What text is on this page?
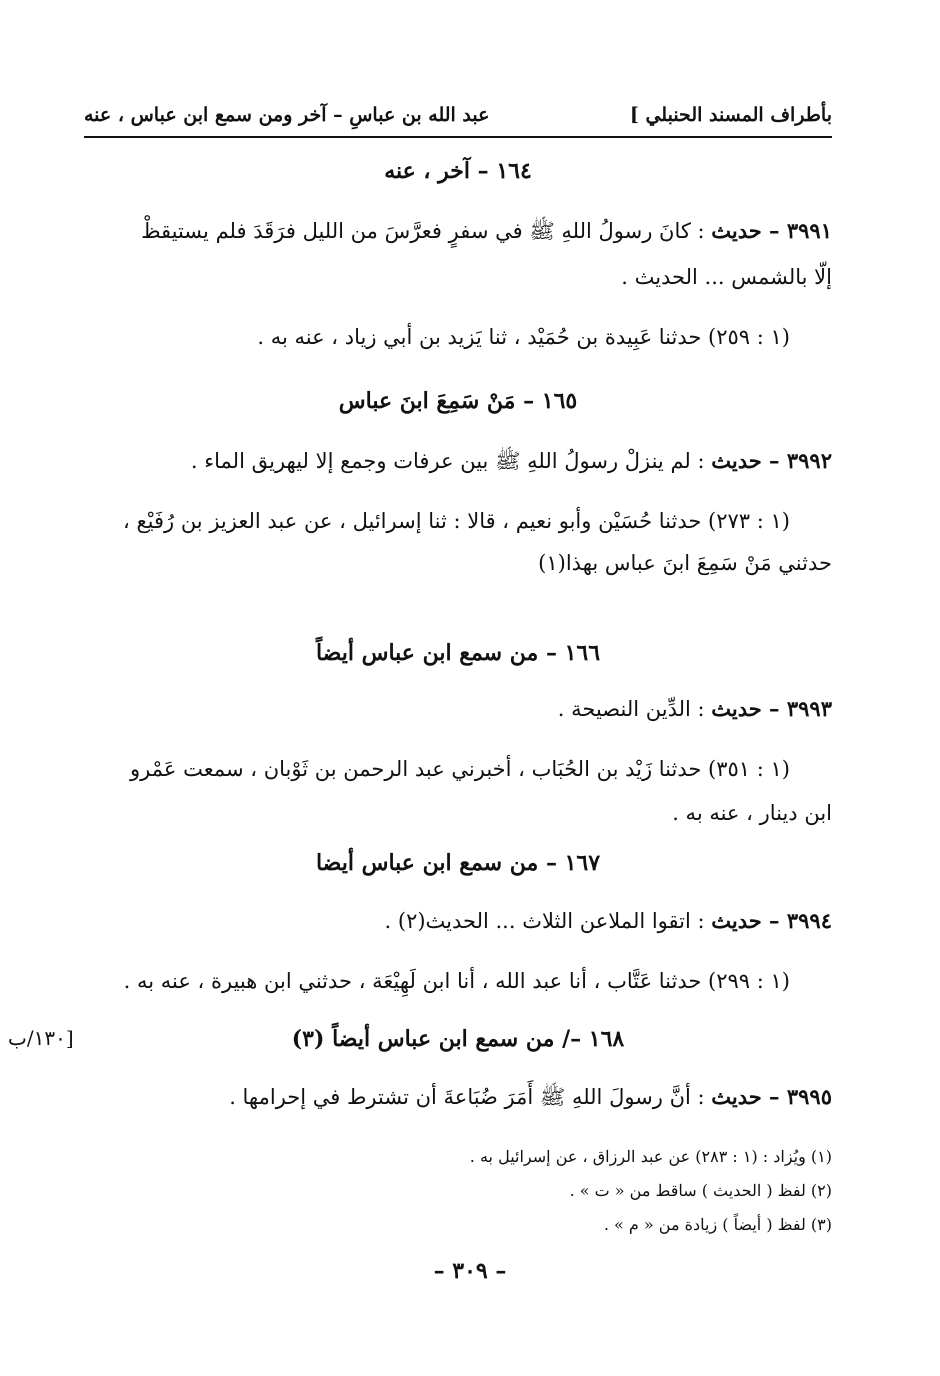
بأطراف المسند الحنبلي ]
عبد الله بن عباسِ – آخر ومن سمع ابن عباس ، عنه
١٦٤ – آخر ، عنه
٣٩٩١ – حديث : كانَ رسولُ اللهِ ﷺ في سفرٍ فعرَّسَ من الليل فرَقَدَ فلم يستيقظْ
إلّا بالشمس ... الحديث .
(١ : ٢٥٩) حدثنا عَبِيدة بن حُمَيْد ، ثنا يَزيد بن أبي زياد ، عنه به .
١٦٥ – مَنْ سَمِعَ ابنَ عباس
٣٩٩٢ – حديث : لم ينزلْ رسولُ اللهِ ﷺ بين عرفات وجمع إلا ليهريق الماء .
(١ : ٢٧٣) حدثنا حُسَيْن وأبو نعيم ، قالا : ثنا إسرائيل ، عن عبد العزيز بن رُفَيْع ،
حدثني مَنْ سَمِعَ ابنَ عباس بهذا(١)
١٦٦ – من سمع ابن عباس أيضاً
٣٩٩٣ – حديث : الدِّين النصيحة .
(١ : ٣٥١) حدثنا زَيْد بن الحُبَاب ، أخبرني عبد الرحمن بن ثَوْبان ، سمعت عَمْرو
ابن دينار ، عنه به .
١٦٧ – من سمع ابن عباس أيضا
٣٩٩٤ – حديث : اتقوا الملاعن الثلاث ... الحديث(٢) .
(١ : ٢٩٩) حدثنا عَتَّاب ، أنا عبد الله ، أنا ابن لَهِيْعَة ، حدثني ابن هبيرة ، عنه به .
١٦٨ –/ من سمع ابن عباس أيضاً (٣)
[١٣٠/ب
٣٩٩٥ – حديث : أنَّ رسولَ اللهِ ﷺ أَمَرَ ضُبَاعةَ أن تشترط في إحرامها .
(١) ويُزاد : (١ : ٢٨٣) عن عبد الرزاق ، عن إسرائيل به .
(٢) لفظ ( الحديث ) ساقط من « ت » .
(٣) لفظ ( أيضاً ) زيادة من « م » .
– ٣٠٩ –
